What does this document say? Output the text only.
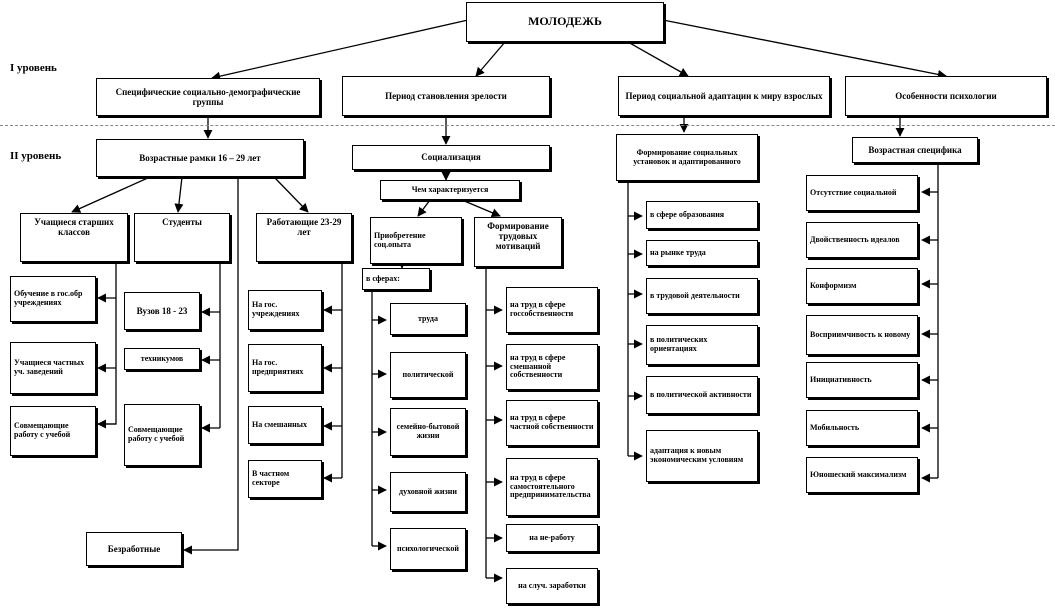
МОЛОДЕЖЬ
I уровень
II уровень
Специфические социально-демографические группы
Период становления зрелости	Период социальной адаптации к миру взрослых	Особенности психологии
Возрастные рамки 16 – 29 лет
Учащиеся старших классов
Студенты	Работающие 23-29 лет
Обучение в гос.обр учреждениях
Учащиеся частных уч. заведений
Совмещающие работу с учебой
Вузов 18 - 23
техникумов
Совмещающие работу с учебой
На гос. учреждениях
На гос. предприятиях
На смешанных
В частном секторе
Безработные
Социализация
Чем характеризуется
Приобретение соц.опыта
Формирование трудовых мотиваций
в сферах:
труда
политической
семейно-бытовой жизни
духовной жизни
психологической
на труд в сфере госсобственности
на труд в сфере смешанной собственности
на труд в сфере частной собственности
на труд в сфере самостоятельного предпринимательства
на не-работу
на случ. заработки
Формирование социальных установок и адаптированного
в сфере образования
на рынке труда
в трудовой деятельности
в политических ориентациях
в политической активности
адаптация к новым экономическим условиям
Возрастная специфика
Отсутствие социальной
Двойственность идеалов
Конформизм
Восприимчивость к новому
Инициативность
Мобильность
Юношеский максимализм
